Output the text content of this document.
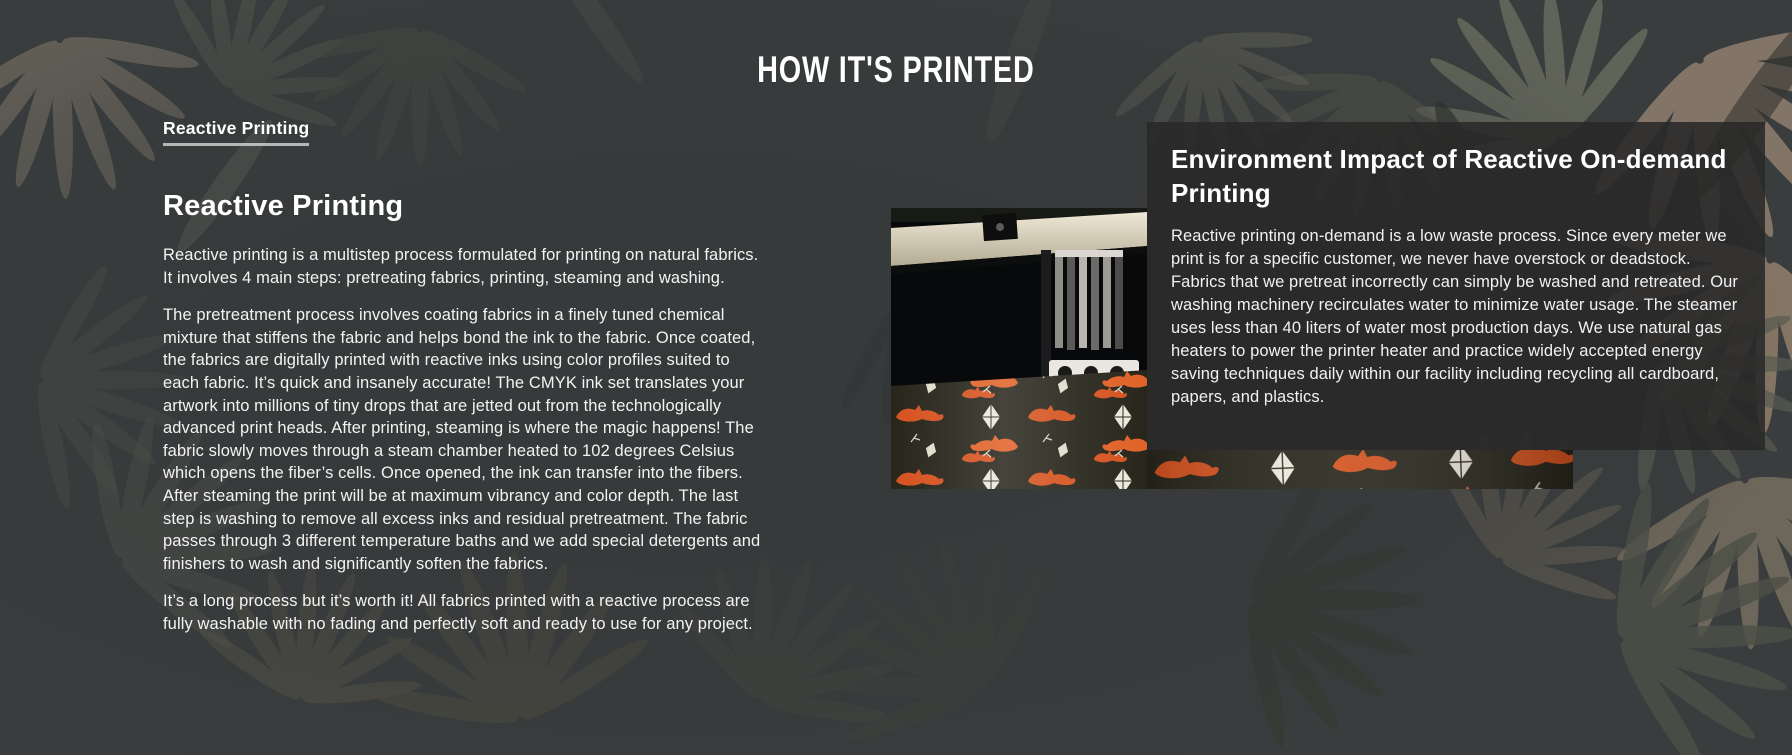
HOW IT'S PRINTED
Reactive Printing
Reactive Printing

Reactive printing is a multistep process formulated for printing on natural fabrics. It involves 4 main steps: pretreating fabrics, printing, steaming and washing.

The pretreatment process involves coating fabrics in a finely tuned chemical mixture that stiffens the fabric and helps bond the ink to the fabric. Once coated, the fabrics are digitally printed with reactive inks using color profiles suited to each fabric. It’s quick and insanely accurate! The CMYK ink set translates your artwork into millions of tiny drops that are jetted out from the technologically advanced print heads. After printing, steaming is where the magic happens! The fabric slowly moves through a steam chamber heated to 102 degrees Celsius which opens the fiber’s cells. Once opened, the ink can transfer into the fibers. After steaming the print will be at maximum vibrancy and color depth. The last step is washing to remove all excess inks and residual pretreatment. The fabric passes through 3 different temperature baths and we add special detergents and finishers to wash and significantly soften the fabrics.

It’s a long process but it’s worth it! All fabrics printed with a reactive process are fully washable with no fading and perfectly soft and ready to use for any project.

Environment Impact of Reactive On-demand Printing

Reactive printing on-demand is a low waste process. Since every meter we print is for a specific customer, we never have overstock or deadstock. Fabrics that we pretreat incorrectly can simply be washed and retreated. Our washing machinery recirculates water to minimize water usage. The steamer uses less than 40 liters of water most production days. We use natural gas heaters to power the printer heater and practice widely accepted energy saving techniques daily within our facility including recycling all cardboard, papers, and plastics.
